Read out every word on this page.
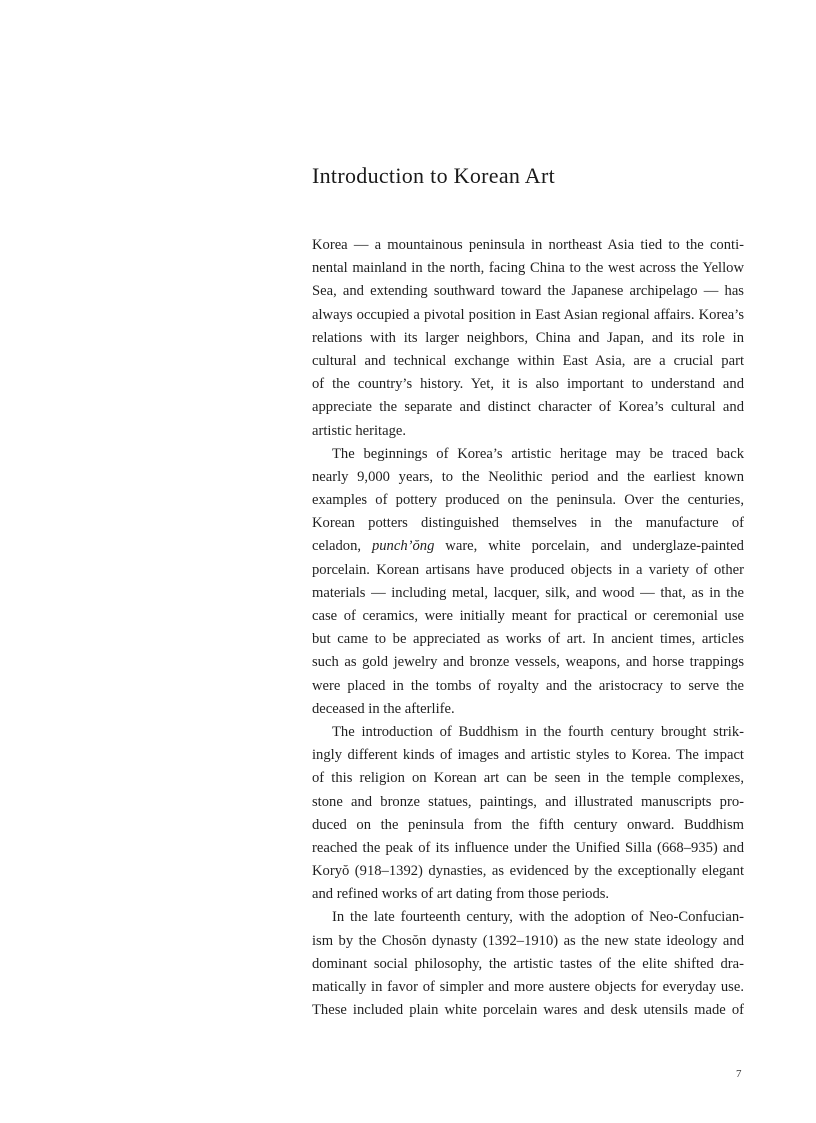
Introduction to Korean Art
Korea — a mountainous peninsula in northeast Asia tied to the conti-
nental mainland in the north, facing China to the west across the Yellow
Sea, and extending southward toward the Japanese archipelago — has
always occupied a pivotal position in East Asian regional affairs. Korea’s
relations with its larger neighbors, China and Japan, and its role in
cultural and technical exchange within East Asia, are a crucial part
of the country’s history. Yet, it is also important to understand and
appreciate the separate and distinct character of Korea’s cultural and
artistic heritage.
The beginnings of Korea’s artistic heritage may be traced back
nearly 9,000 years, to the Neolithic period and the earliest known
examples of pottery produced on the peninsula. Over the centuries,
Korean potters distinguished themselves in the manufacture of
celadon, punch’ŏng ware, white porcelain, and underglaze-painted
porcelain. Korean artisans have produced objects in a variety of other
materials — including metal, lacquer, silk, and wood — that, as in the
case of ceramics, were initially meant for practical or ceremonial use
but came to be appreciated as works of art. In ancient times, articles
such as gold jewelry and bronze vessels, weapons, and horse trappings
were placed in the tombs of royalty and the aristocracy to serve the
deceased in the afterlife.
The introduction of Buddhism in the fourth century brought strik-
ingly different kinds of images and artistic styles to Korea. The impact
of this religion on Korean art can be seen in the temple complexes,
stone and bronze statues, paintings, and illustrated manuscripts pro-
duced on the peninsula from the fifth century onward. Buddhism
reached the peak of its influence under the Unified Silla (668–935) and
Koryŏ (918–1392) dynasties, as evidenced by the exceptionally elegant
and refined works of art dating from those periods.
In the late fourteenth century, with the adoption of Neo-Confucian-
ism by the Chosŏn dynasty (1392–1910) as the new state ideology and
dominant social philosophy, the artistic tastes of the elite shifted dra-
matically in favor of simpler and more austere objects for everyday use.
These included plain white porcelain wares and desk utensils made of
7
